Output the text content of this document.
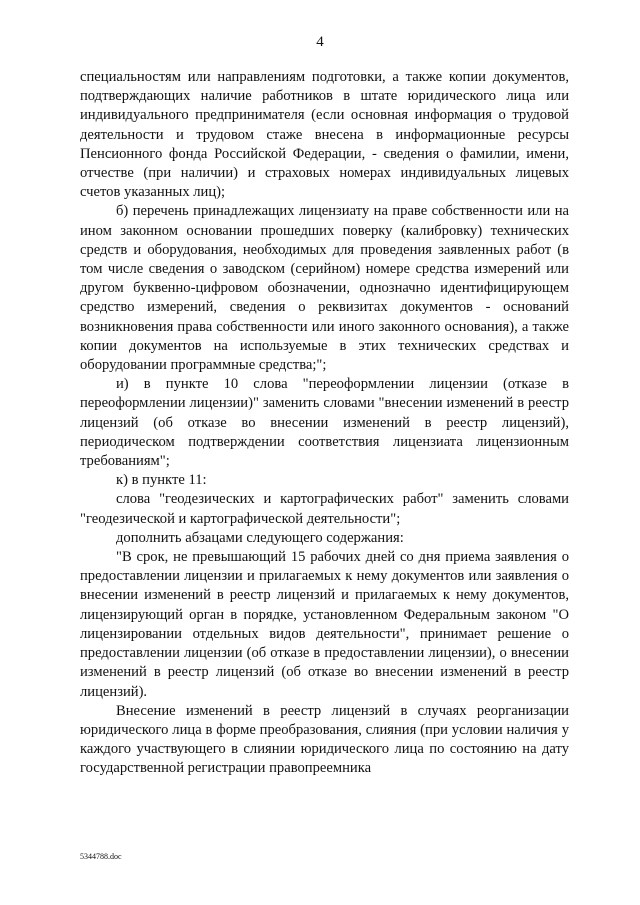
4

специальностям или направлениям подготовки, а также копии документов, подтверждающих наличие работников в штате юридического лица или индивидуального предпринимателя (если основная информация о трудовой деятельности и трудовом стаже внесена в информационные ресурсы Пенсионного фонда Российской Федерации, - сведения о фамилии, имени, отчестве (при наличии) и страховых номерах индивидуальных лицевых счетов указанных лиц);

б) перечень принадлежащих лицензиату на праве собственности или на ином законном основании прошедших поверку (калибровку) технических средств и оборудования, необходимых для проведения заявленных работ (в том числе сведения о заводском (серийном) номере средства измерений или другом буквенно-цифровом обозначении, однозначно идентифицирующем средство измерений, сведения о реквизитах документов - оснований возникновения права собственности или иного законного основания), а также копии документов на используемые в этих технических средствах и оборудовании программные средства;";

и) в пункте 10 слова "переоформлении лицензии (отказе в переоформлении лицензии)" заменить словами "внесении изменений в реестр лицензий (об отказе во внесении изменений в реестр лицензий), периодическом подтверждении соответствия лицензиата лицензионным требованиям";

к) в пункте 11:

слова "геодезических и картографических работ" заменить словами "геодезической и картографической деятельности";

дополнить абзацами следующего содержания:

"В срок, не превышающий 15 рабочих дней со дня приема заявления о предоставлении лицензии и прилагаемых к нему документов или заявления о внесении изменений в реестр лицензий и прилагаемых к нему документов, лицензирующий орган в порядке, установленном Федеральным законом "О лицензировании отдельных видов деятельности", принимает решение о предоставлении лицензии (об отказе в предоставлении лицензии), о внесении изменений в реестр лицензий (об отказе во внесении изменений в реестр лицензий).

Внесение изменений в реестр лицензий в случаях реорганизации юридического лица в форме преобразования, слияния (при условии наличия у каждого участвующего в слиянии юридического лица по состоянию на дату государственной регистрации правопреемника

5344788.doc
